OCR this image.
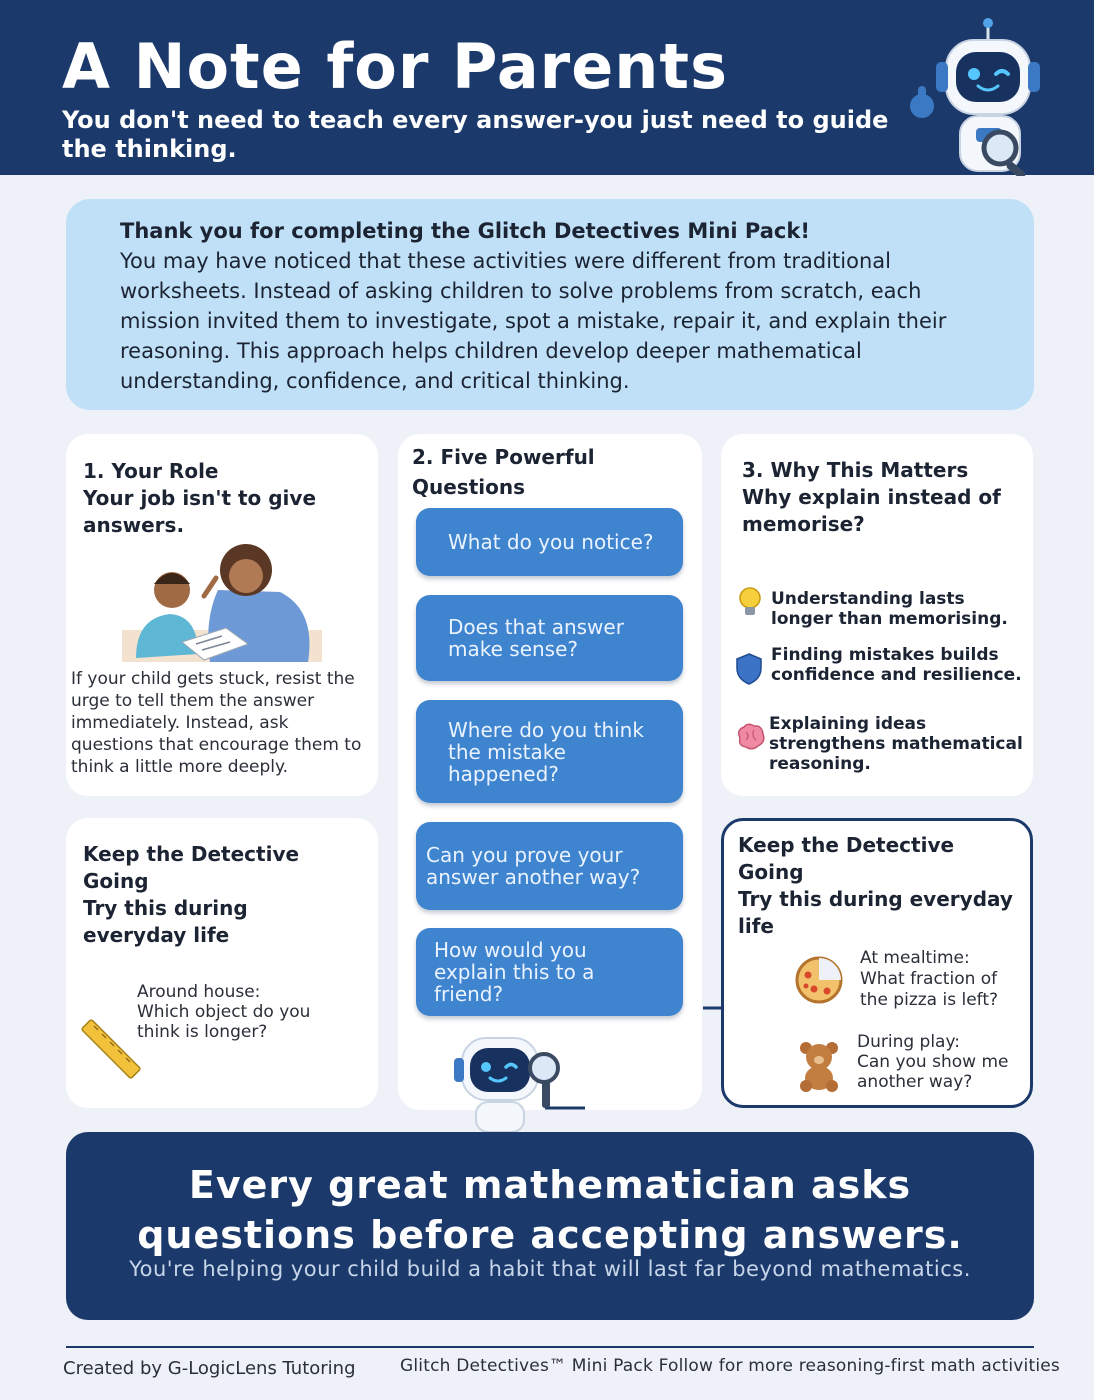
A Note for Parents
You don't need to teach every answer-you just need to guide the thinking.
Thank you for completing the Glitch Detectives Mini Pack!
You may have noticed that these activities were different from traditional worksheets. Instead of asking children to solve problems from scratch, each mission invited them to investigate, spot a mistake, repair it, and explain their reasoning. This approach helps children develop deeper mathematical understanding, confidence, and critical thinking.
1. Your Role
Your job isn't to give answers.
If your child gets stuck, resist the urge to tell them the answer immediately. Instead, ask questions that encourage them to think a little more deeply.
2. Five Powerful Questions
What do you notice?
Does that answer make sense?
Where do you think the mistake happened?
Can you prove your answer another way?
How would you explain this to a friend?
3. Why This Matters
Why explain instead of memorise?
Understanding lasts longer than memorising.
Finding mistakes builds confidence and resilience.
Explaining ideas strengthens mathematical reasoning.
Keep the Detective Going
Try this during everyday life
Around house:
Which object do you think is longer?
Keep the Detective Going
Try this during everyday life
At mealtime:
What fraction of the pizza is left?
During play:
Can you show me another way?
Every great mathematician asks questions before accepting answers.
You're helping your child build a habit that will last far beyond mathematics.
Created by G-LogicLens Tutoring	Glitch Detectives™ Mini Pack Follow for more reasoning-first math activities
